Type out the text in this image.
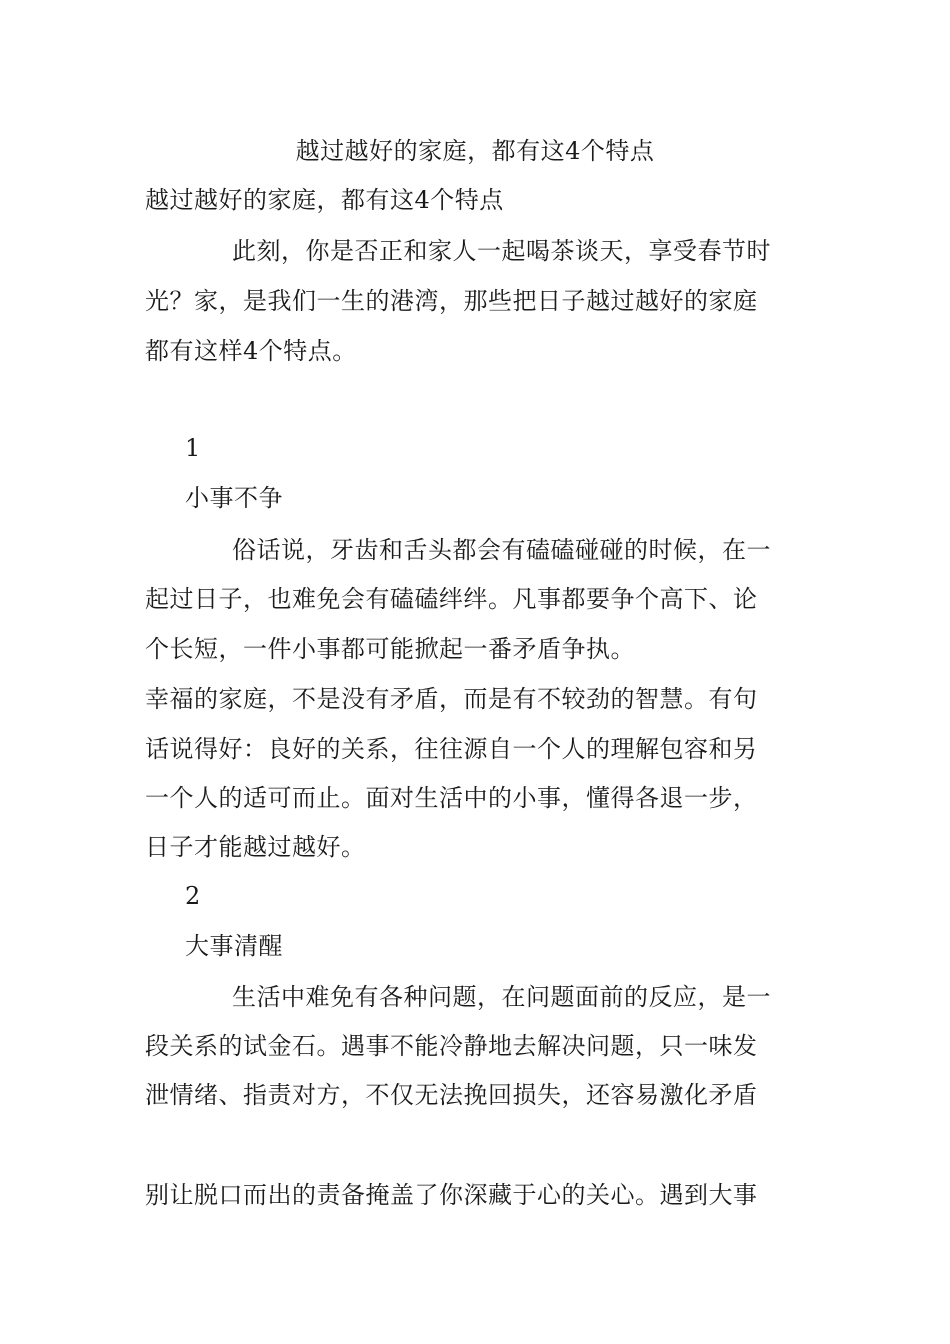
越过越好的家庭，都有这4个特点
越过越好的家庭，都有这4个特点
此刻，你是否正和家人一起喝茶谈天，享受春节时
光？家，是我们一生的港湾，那些把日子越过越好的家庭
都有这样4个特点。
1
小事不争
俗话说，牙齿和舌头都会有磕磕碰碰的时候，在一
起过日子，也难免会有磕磕绊绊。凡事都要争个高下、论
个长短，一件小事都可能掀起一番矛盾争执。
幸福的家庭，不是没有矛盾，而是有不较劲的智慧。有句
话说得好：良好的关系，往往源自一个人的理解包容和另
一个人的适可而止。面对生活中的小事，懂得各退一步，
日子才能越过越好。
2
大事清醒
生活中难免有各种问题，在问题面前的反应，是一
段关系的试金石。遇事不能冷静地去解决问题，只一味发
泄情绪、指责对方，不仅无法挽回损失，还容易激化矛盾
别让脱口而出的责备掩盖了你深藏于心的关心。遇到大事
